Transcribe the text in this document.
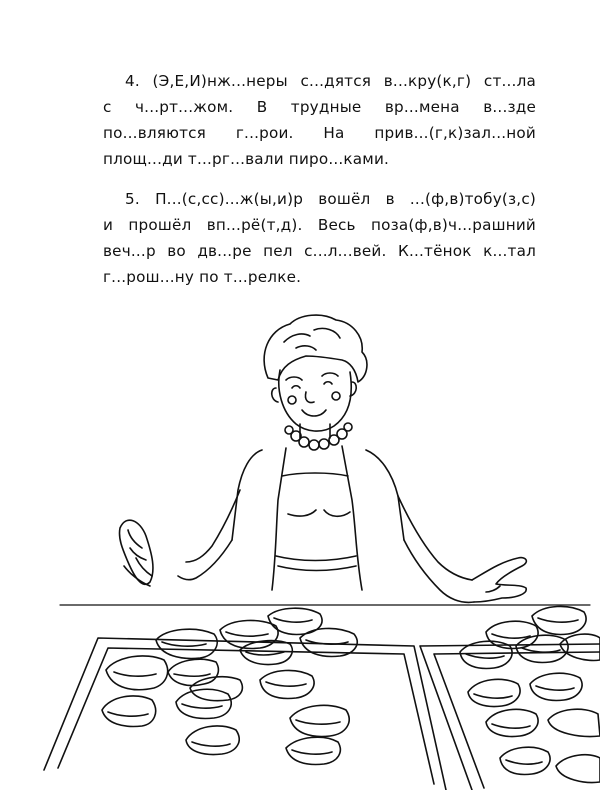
4. (Э,Е,И)нж...неры с...дятся в...кру(к,г) ст...ла
с ч...рт...жом. В трудные вр...мена в...зде
по...вляются г...рои. На прив...(г,к)зал...ной
площ...ди т...рг...вали пиро...ками.
5. П...(с,сс)...ж(ы,и)р вошёл в ...(ф,в)тобу(з,с)
и прошёл вп...рё(т,д). Весь поза(ф,в)ч...рашний
веч...р во дв...ре пел с...л...вей. К...тёнок к...тал
г...рош...ну по т...релке.
